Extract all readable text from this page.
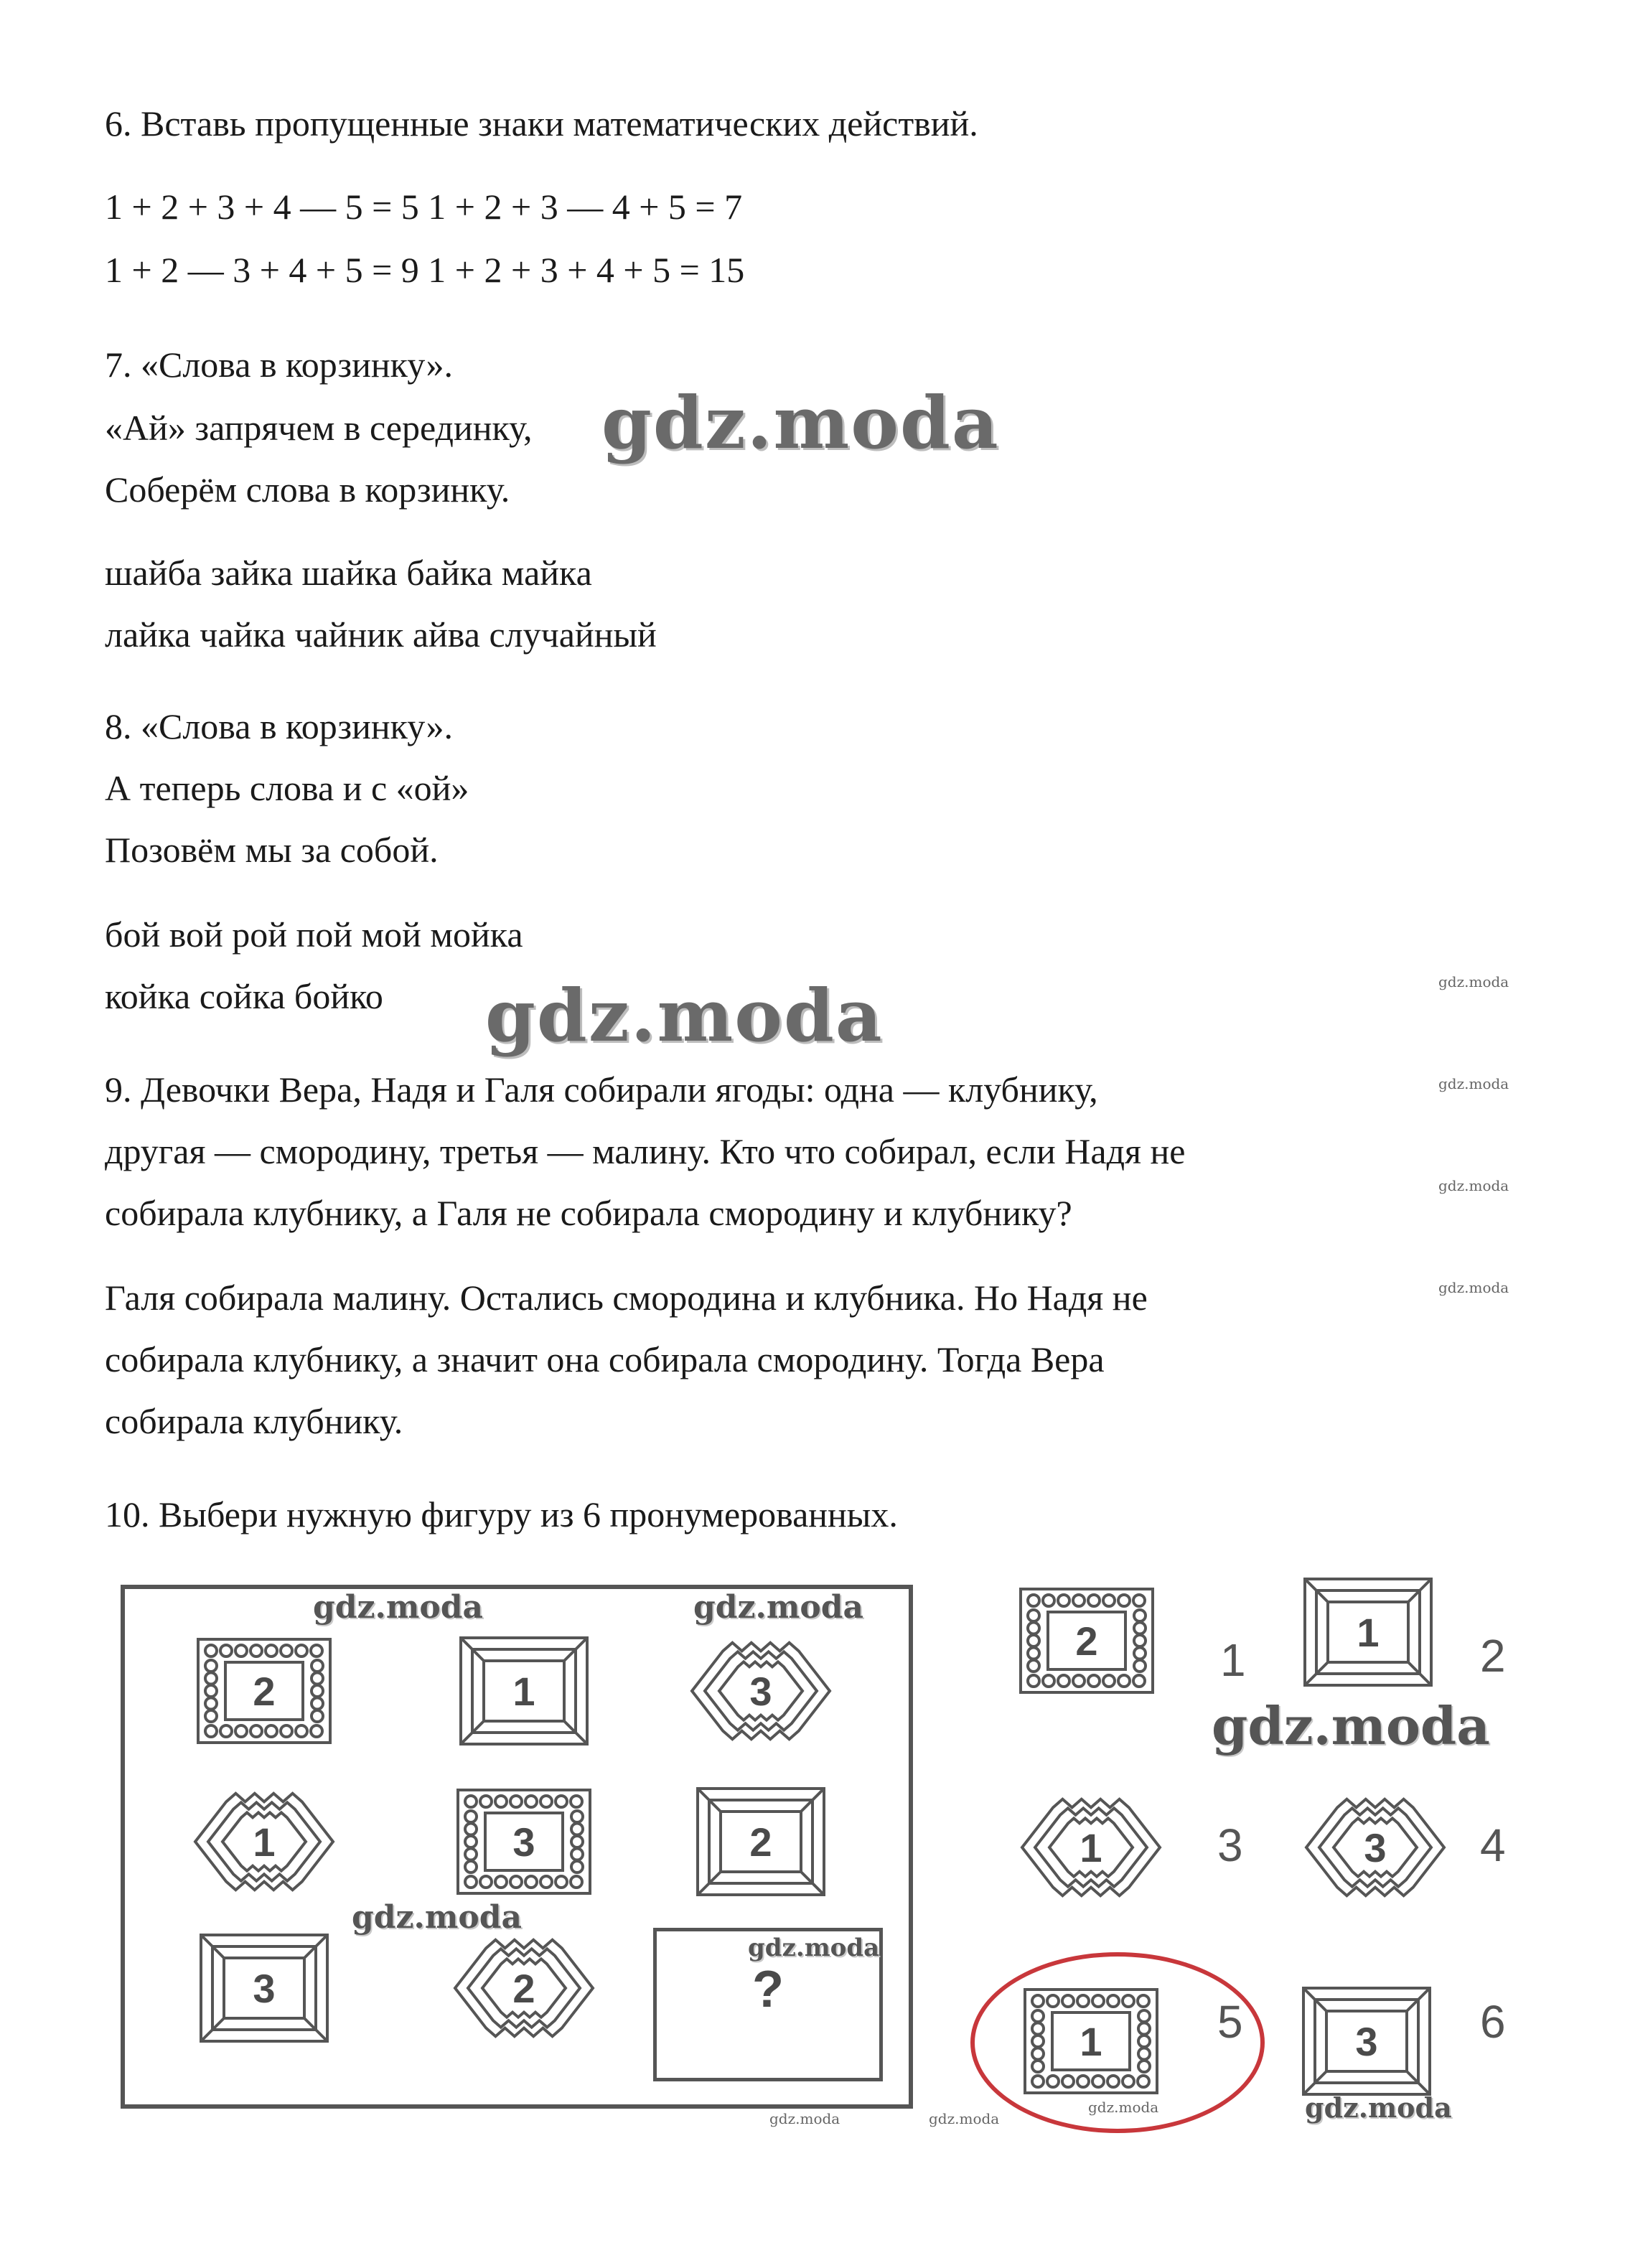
6. Вставь пропущенные знаки математических действий.
1 + 2 + 3 + 4 — 5 = 5 1 + 2 + 3 — 4 + 5 = 7
1 + 2 — 3 + 4 + 5 = 9 1 + 2 + 3 + 4 + 5 = 15
7. «Слова в корзинку».
«Ай» запрячем в серединку,
Соберём слова в корзинку.
шайба зайка шайка байка майка
лайка чайка чайник айва случайный
8. «Слова в корзинку».
А теперь слова и с «ой»
Позовём мы за собой.
бой вой рой пой мой мойка
койка сойка бойко
9. Девочки Вера, Надя и Галя собирали ягоды: одна — клубнику,
другая — смородину, третья — малину. Кто что собирал, если Надя не
собирала клубнику, а Галя не собирала смородину и клубнику?
Галя собирала малину. Остались смородина и клубника. Но Надя не
собирала клубнику, а значит она собирала смородину. Тогда Вера
собирала клубнику.
10. Выбери нужную фигуру из 6 пронумерованных.
2	1	3
1	3	2
3	2	?
2	1
1 2
1	3	3 4
1	5	3 6
gdz.moda
gdz.moda
gdz.moda	gdz.moda
gdz.moda
gdz.moda
gdz.moda
gdz.moda
gdz.moda
gdz.moda
gdz.moda
gdz.moda
gdz.moda	gdz.moda
gdz.moda
